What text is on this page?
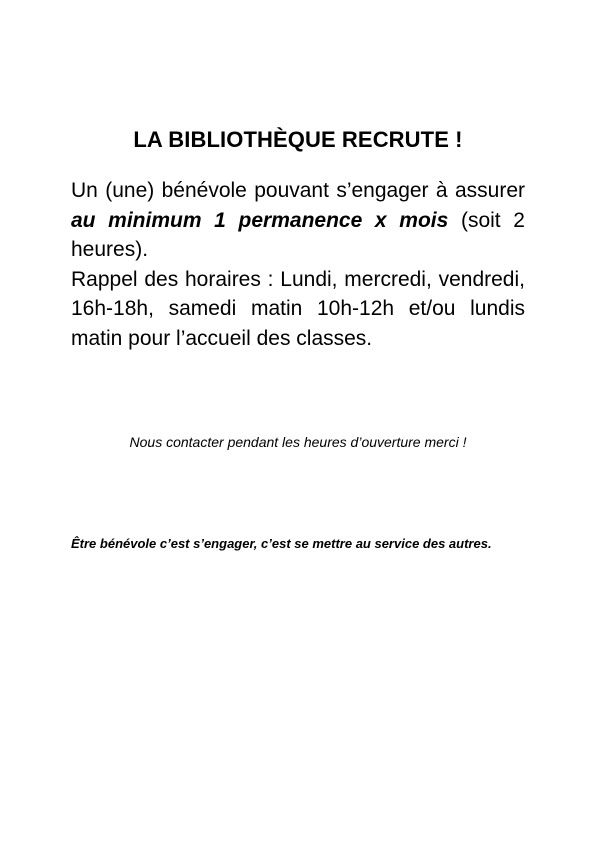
LA BIBLIOTHÈQUE RECRUTE !

Un (une) bénévole pouvant s’engager à assurer au minimum 1 permanence x mois (soit 2 heures).

Rappel des horaires : Lundi, mercredi, vendredi, 16h-18h, samedi matin 10h-12h et/ou lundis matin pour l’accueil des classes.

Nous contacter pendant les heures d’ouverture merci !
Être bénévole c’est s’engager, c’est se mettre au service des autres.
